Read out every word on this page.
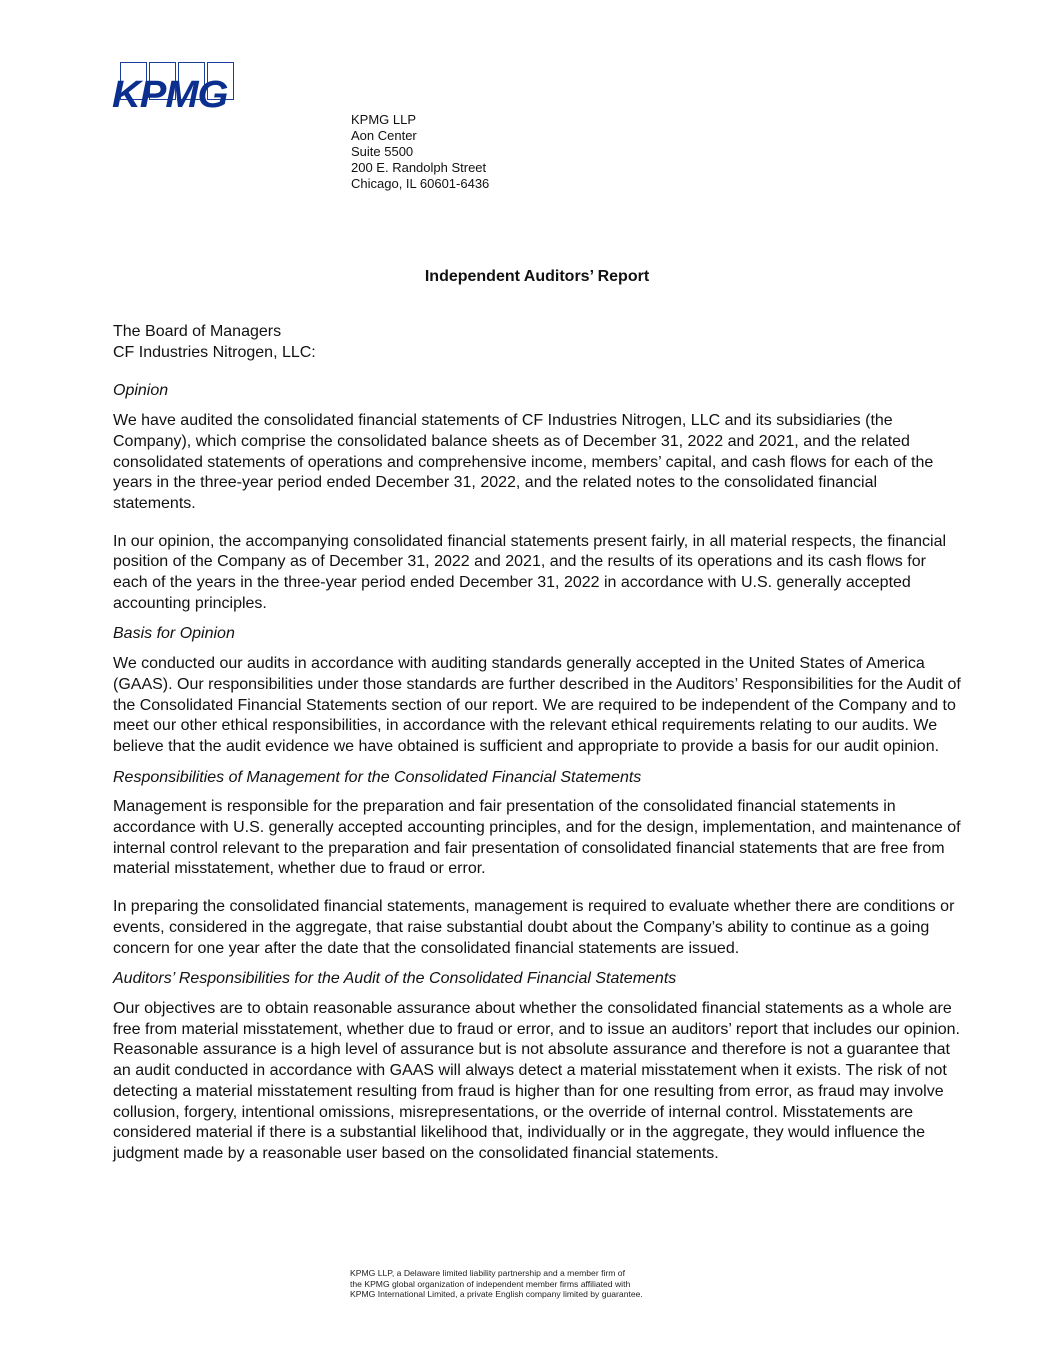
KPMG
KPMG LLP
Aon Center
Suite 5500
200 E. Randolph Street
Chicago, IL 60601-6436
Independent Auditors’ Report

The Board of Managers
CF Industries Nitrogen, LLC:

Opinion

We have audited the consolidated financial statements of CF Industries Nitrogen, LLC and its subsidiaries (the Company), which comprise the consolidated balance sheets as of December 31, 2022 and 2021, and the related consolidated statements of operations and comprehensive income, members’ capital, and cash flows for each of the years in the three-year period ended December 31, 2022, and the related notes to the consolidated financial statements.

In our opinion, the accompanying consolidated financial statements present fairly, in all material respects, the financial position of the Company as of December 31, 2022 and 2021, and the results of its operations and its cash flows for each of the years in the three-year period ended December 31, 2022 in accordance with U.S. generally accepted accounting principles.

Basis for Opinion

We conducted our audits in accordance with auditing standards generally accepted in the United States of America (GAAS). Our responsibilities under those standards are further described in the Auditors’ Responsibilities for the Audit of the Consolidated Financial Statements section of our report. We are required to be independent of the Company and to meet our other ethical responsibilities, in accordance with the relevant ethical requirements relating to our audits. We believe that the audit evidence we have obtained is sufficient and appropriate to provide a basis for our audit opinion.

Responsibilities of Management for the Consolidated Financial Statements

Management is responsible for the preparation and fair presentation of the consolidated financial statements in accordance with U.S. generally accepted accounting principles, and for the design, implementation, and maintenance of internal control relevant to the preparation and fair presentation of consolidated financial statements that are free from material misstatement, whether due to fraud or error.

In preparing the consolidated financial statements, management is required to evaluate whether there are conditions or events, considered in the aggregate, that raise substantial doubt about the Company’s ability to continue as a going concern for one year after the date that the consolidated financial statements are issued.

Auditors’ Responsibilities for the Audit of the Consolidated Financial Statements

Our objectives are to obtain reasonable assurance about whether the consolidated financial statements as a whole are free from material misstatement, whether due to fraud or error, and to issue an auditors’ report that includes our opinion. Reasonable assurance is a high level of assurance but is not absolute assurance and therefore is not a guarantee that an audit conducted in accordance with GAAS will always detect a material misstatement when it exists. The risk of not detecting a material misstatement resulting from fraud is higher than for one resulting from error, as fraud may involve collusion, forgery, intentional omissions, misrepresentations, or the override of internal control. Misstatements are considered material if there is a substantial likelihood that, individually or in the aggregate, they would influence the judgment made by a reasonable user based on the consolidated financial statements.

KPMG LLP, a Delaware limited liability partnership and a member firm of
the KPMG global organization of independent member firms affiliated with
KPMG International Limited, a private English company limited by guarantee.
